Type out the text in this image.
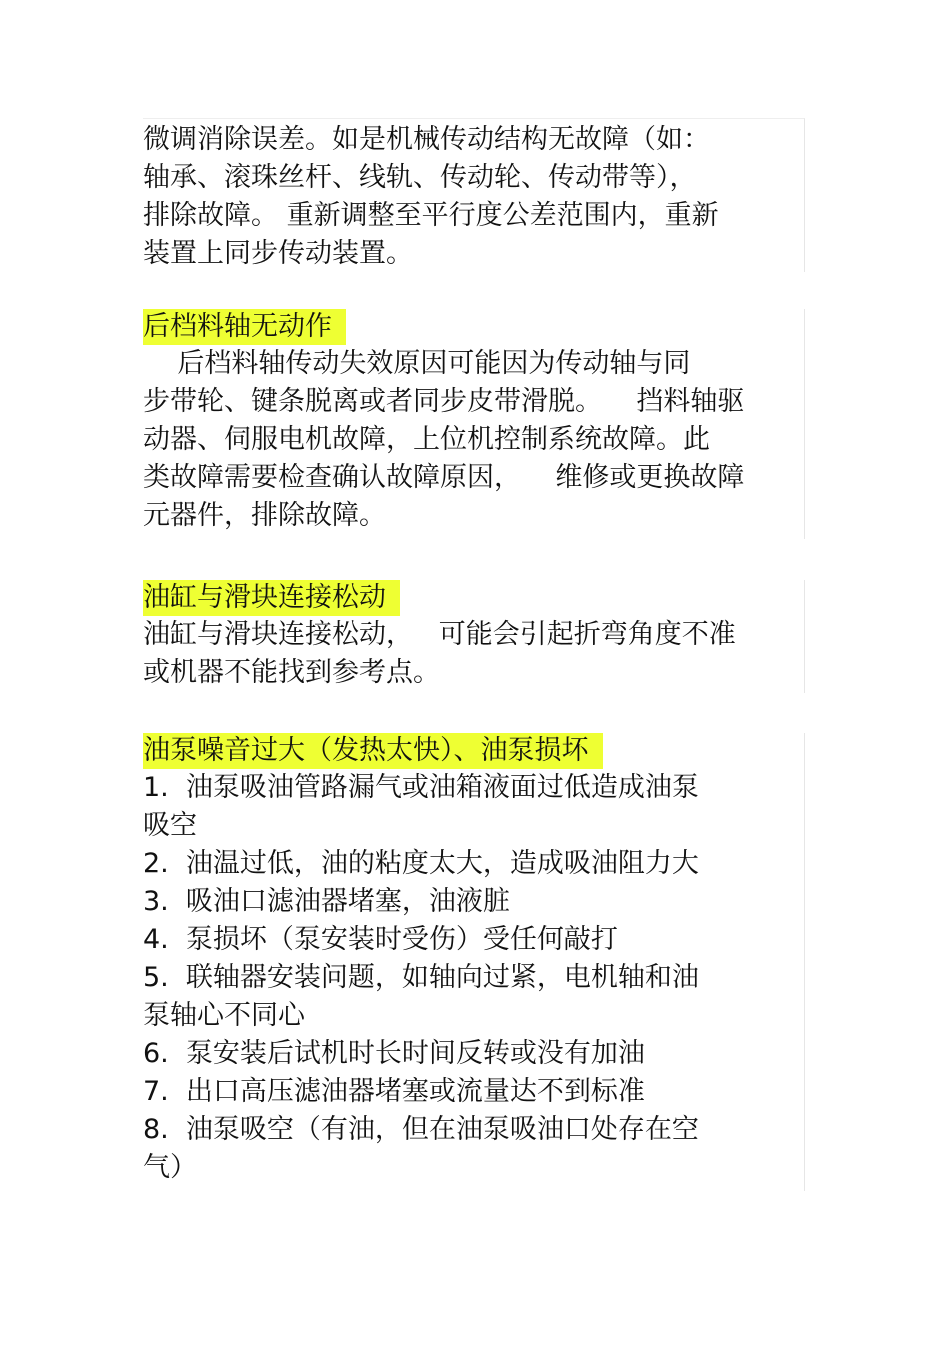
微调消除误差。如是机械传动结构无故障（如：
轴承、滚珠丝杆、线轨、传动轮、传动带等），
排除故障。 重新调整至平行度公差范围内，重新
装置上同步传动装置。
后档料轴无动作
后档料轴传动失效原因可能因为传动轴与同
步带轮、键条脱离或者同步皮带滑脱。    挡料轴驱
动器、伺服电机故障，上位机控制系统故障。此
类故障需要检查确认故障原因，    维修或更换故障
元器件，排除故障。
油缸与滑块连接松动
油缸与滑块连接松动，   可能会引起折弯角度不准
或机器不能找到参考点。
油泵噪音过大（发热太快）、油泵损坏
1.  油泵吸油管路漏气或油箱液面过低造成油泵
吸空
2.  油温过低，油的粘度太大，造成吸油阻力大
3.  吸油口滤油器堵塞，油液脏
4.  泵损坏（泵安装时受伤）受任何敲打
5.  联轴器安装问题，如轴向过紧，电机轴和油
泵轴心不同心
6.  泵安装后试机时长时间反转或没有加油
7.  出口高压滤油器堵塞或流量达不到标准
8.  油泵吸空（有油，但在油泵吸油口处存在空
气）
